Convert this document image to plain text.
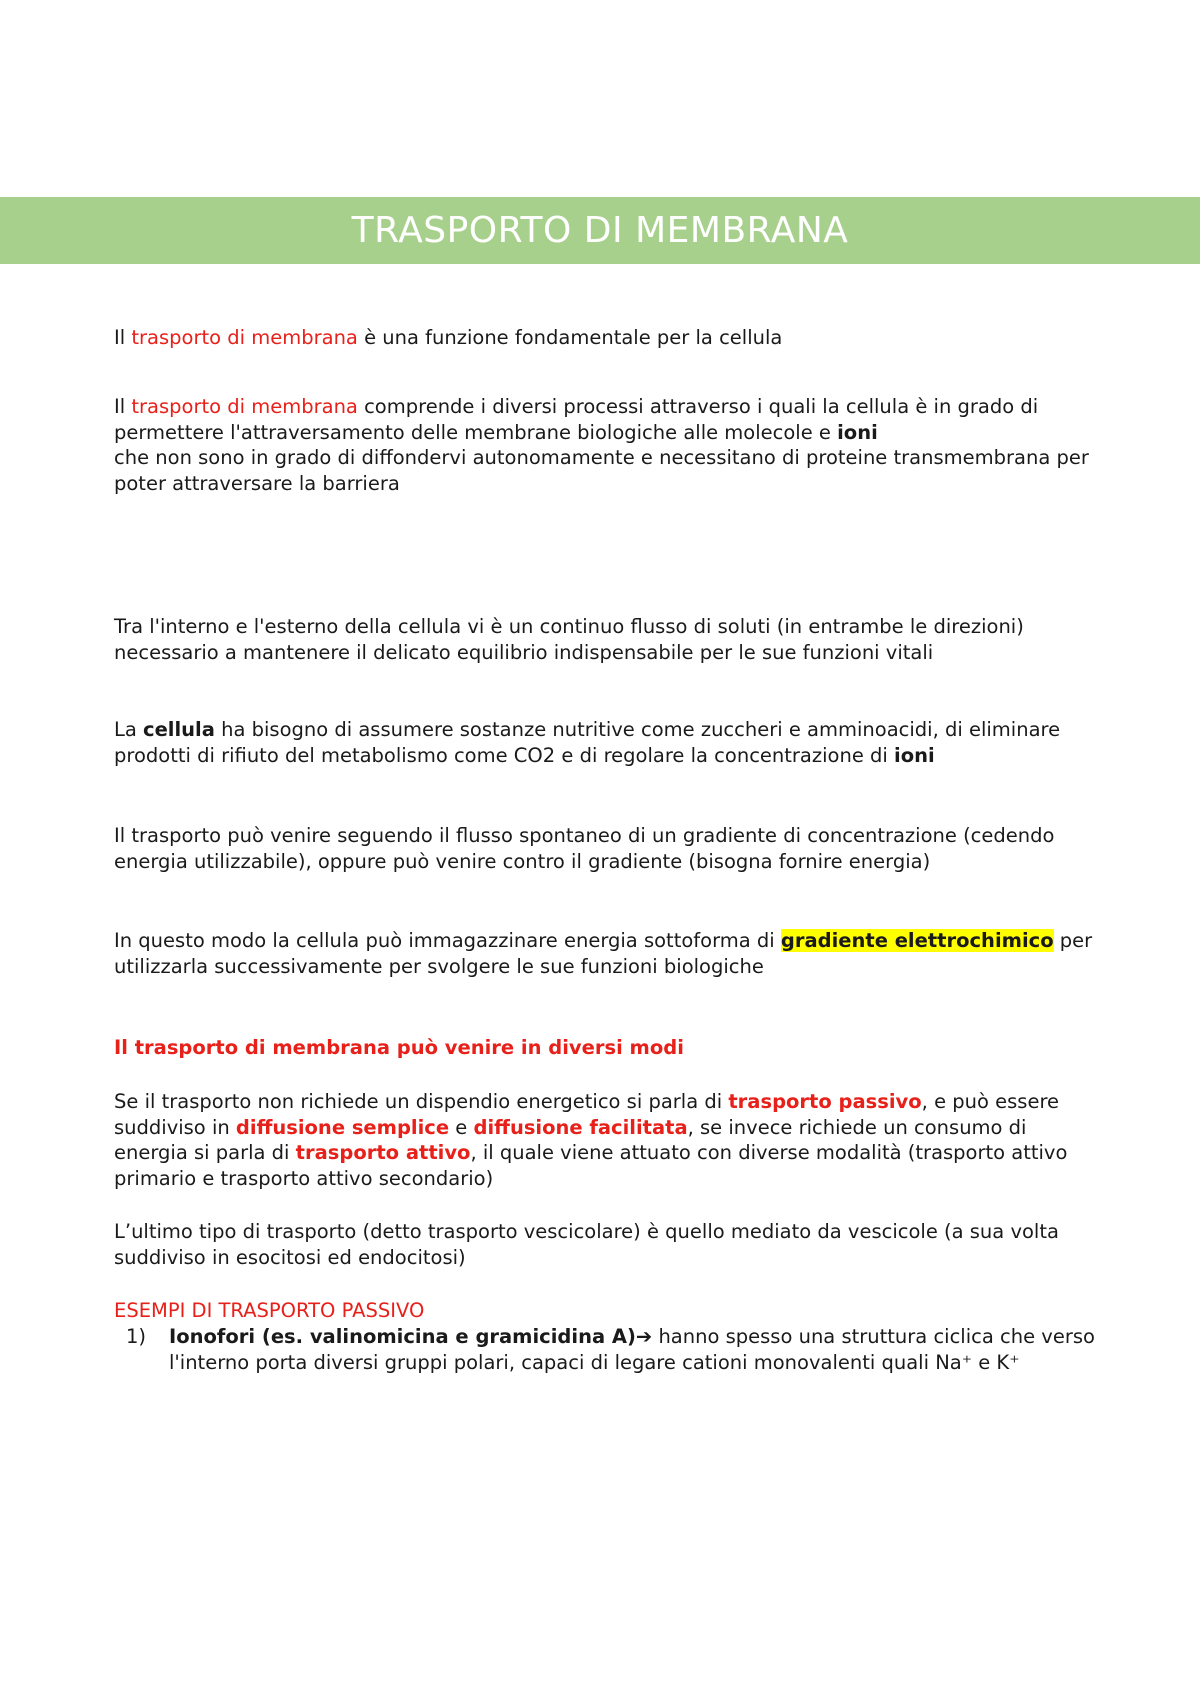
TRASPORTO DI MEMBRANA

Il trasporto di membrana è una funzione fondamentale per la cellula

Il trasporto di membrana comprende i diversi processi attraverso i quali la cellula è in grado di permettere l'attraversamento delle membrane biologiche alle molecole e ioni
che non sono in grado di diffondervi autonomamente e necessitano di proteine transmembrana per poter attraversare la barriera

Tra l'interno e l'esterno della cellula vi è un continuo flusso di soluti (in entrambe le direzioni) necessario a mantenere il delicato equilibrio indispensabile per le sue funzioni vitali

La cellula ha bisogno di assumere sostanze nutritive come zuccheri e amminoacidi, di eliminare prodotti di rifiuto del metabolismo come CO2 e di regolare la concentrazione di ioni

Il trasporto può venire seguendo il flusso spontaneo di un gradiente di concentrazione (cedendo energia utilizzabile), oppure può venire contro il gradiente (bisogna fornire energia)

In questo modo la cellula può immagazzinare energia sottoforma di gradiente elettrochimico per utilizzarla successivamente per svolgere le sue funzioni biologiche

Il trasporto di membrana può venire in diversi modi

Se il trasporto non richiede un dispendio energetico si parla di trasporto passivo, e può essere suddiviso in diffusione semplice e diffusione facilitata, se invece richiede un consumo di energia si parla di trasporto attivo, il quale viene attuato con diverse modalità (trasporto attivo primario e trasporto attivo secondario)

L’ultimo tipo di trasporto (detto trasporto vescicolare) è quello mediato da vescicole (a sua volta suddiviso in esocitosi ed endocitosi)

ESEMPI DI TRASPORTO PASSIVO

1)	Ionofori (es. valinomicina e gramicidina A)➔ hanno spesso una struttura ciclica che verso l'interno porta diversi gruppi polari, capaci di legare cationi monovalenti quali Na⁺ e K⁺
